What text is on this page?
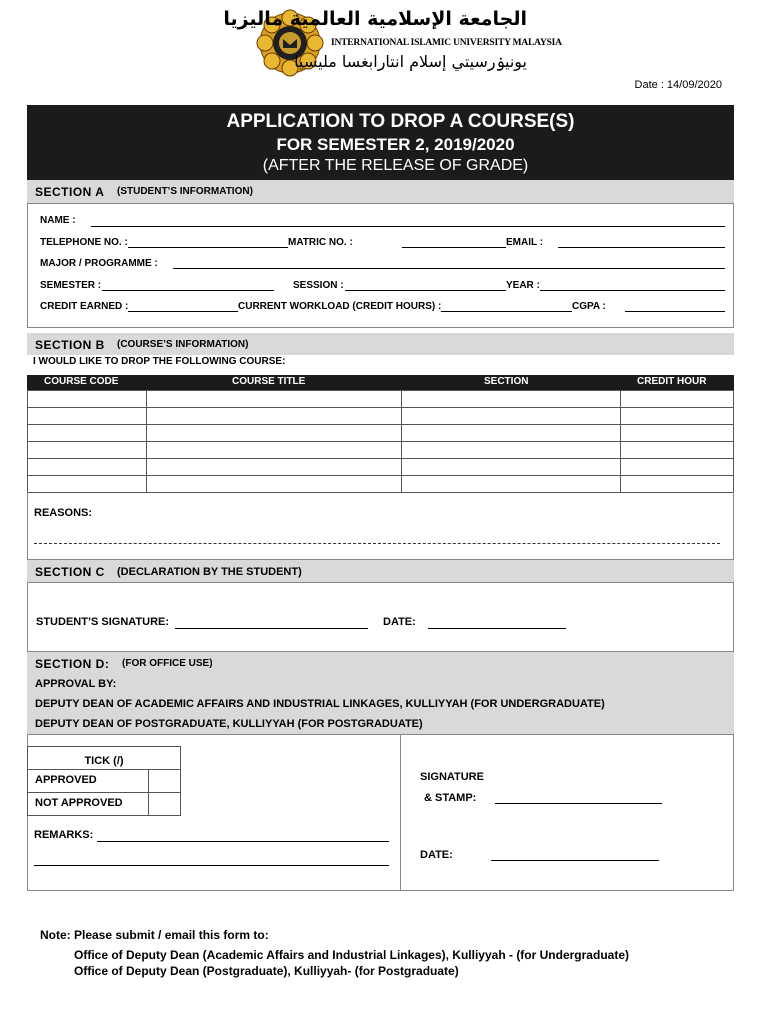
الجامعة الإسلامية العالمية ماليزيا
INTERNATIONAL ISLAMIC UNIVERSITY MALAYSIA
يونيۏرسيتي إسلام انتارابغسا مليسيا
Date : 14/09/2020
APPLICATION TO DROP A COURSE(S)
FOR SEMESTER 2, 2019/2020
(AFTER THE RELEASE OF GRADE)
SECTION A (STUDENT’S INFORMATION)
NAME :
TELEPHONE NO. :	MATRIC NO. :	EMAIL :
MAJOR / PROGRAMME :
SEMESTER :	SESSION :	YEAR :
CREDIT EARNED :	CURRENT WORKLOAD (CREDIT HOURS) :	CGPA :
SECTION B (COURSE’S INFORMATION)
I WOULD LIKE TO DROP THE FOLLOWING COURSE:
COURSE CODE	COURSE TITLE	SECTION	CREDIT HOUR
REASONS:
SECTION C (DECLARATION BY THE STUDENT)
STUDENT’S SIGNATURE:	DATE:
SECTION D: (FOR OFFICE USE)
APPROVAL BY:
DEPUTY DEAN OF ACADEMIC AFFAIRS AND INDUSTRIAL LINKAGES, KULLIYYAH (FOR UNDERGRADUATE)
DEPUTY DEAN OF POSTGRADUATE, KULLIYYAH (FOR POSTGRADUATE)
$_{TICK (/)}$
APPROVED
NOT APPROVED
REMARKS:
SIGNATURE
& STAMP:
DATE:
Note: Please submit / email this form to:
Office of Deputy Dean (Academic Affairs and Industrial Linkages), Kulliyyah - (for Undergraduate)
Office of Deputy Dean (Postgraduate), Kulliyyah- (for Postgraduate)
